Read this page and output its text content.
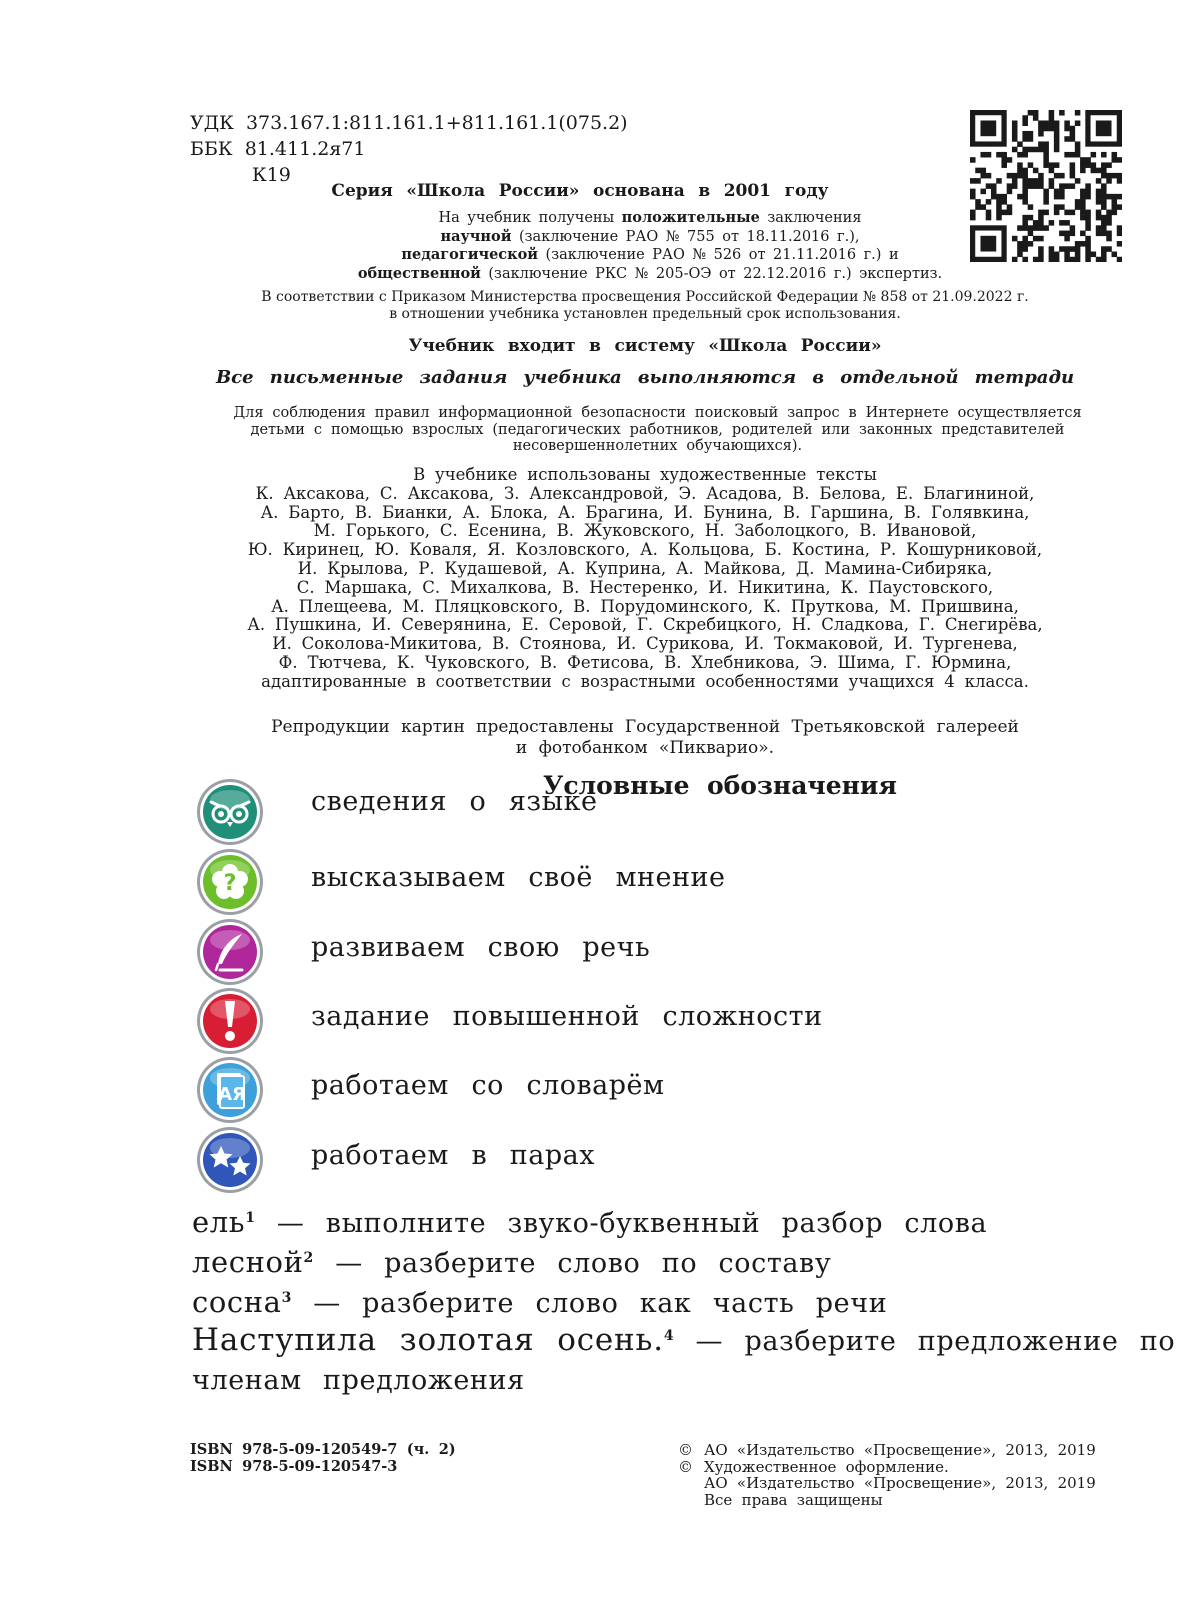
УДК  373.167.1:811.161.1+811.161.1(075.2)
ББК  81.411.2я71
К19
Серия «Школа России» основана в 2001 году
На учебник получены положительные заключения
научной (заключение РАО № 755 от 18.11.2016 г.),
педагогической (заключение РАО № 526 от 21.11.2016 г.) и
общественной (заключение РКС № 205-ОЭ от 22.12.2016 г.) экспертиз.
В соответствии с Приказом Министерства просвещения Российской Федерации № 858 от 21.09.2022 г.
в отношении учебника установлен предельный срок использования.
Учебник входит в систему «Школа России»
Все письменные задания учебника выполняются в отдельной тетради
Для соблюдения правил информационной безопасности поисковый запрос в Интернете осуществляется
детьми с помощью взрослых (педагогических работников, родителей или законных представителей
несовершеннолетних обучающихся).
В учебнике использованы художественные тексты
К. Аксакова, С. Аксакова, З. Александровой, Э. Асадова, В. Белова, Е. Благининой,
А. Барто, В. Бианки, А. Блока, А. Брагина, И. Бунина, В. Гаршина, В. Голявкина,
М. Горького, С. Есенина, В. Жуковского, Н. Заболоцкого, В. Ивановой,
Ю. Киринец, Ю. Коваля, Я. Козловского, А. Кольцова, Б. Костина, Р. Кошурниковой,
И. Крылова, Р. Кудашевой, А. Куприна, А. Майкова, Д. Мамина-Сибиряка,
С. Маршака, С. Михалкова, В. Нестеренко, И. Никитина, К. Паустовского,
А. Плещеева, М. Пляцковского, В. Порудоминского, К. Пруткова, М. Пришвина,
А. Пушкина, И. Северянина, Е. Серовой, Г. Скребицкого, Н. Сладкова, Г. Снегирёва,
И. Соколова-Микитова, В. Стоянова, И. Сурикова, И. Токмаковой, И. Тургенева,
Ф. Тютчева, К. Чуковского, В. Фетисова, В. Хлебникова, Э. Шима, Г. Юрмина,
адаптированные в соответствии с возрастными особенностями учащихся 4 класса.
Репродукции картин предоставлены Государственной Третьяковской галереей
и фотобанком «Пикварио».
Условные обозначения
сведения о языке
?	высказываем своё мнение
развиваем свою речь
задание повышенной сложности
AЯ работаем со словарём
работаем в парах
ель$^1$ — выполните звуко-буквенный разбор слова
лесной$^2$ — разберите слово по составу
сосна$^3$ — разберите слово как часть речи
Наступила золотая осень.$^4$ — разберите предложение по
членам предложения
ISBN 978-5-09-120549-7 (ч. 2)
ISBN 978-5-09-120547-3
© АО «Издательство «Просвещение», 2013, 2019
© Художественное оформление.
АО «Издательство «Просвещение», 2013, 2019
Все права защищены
